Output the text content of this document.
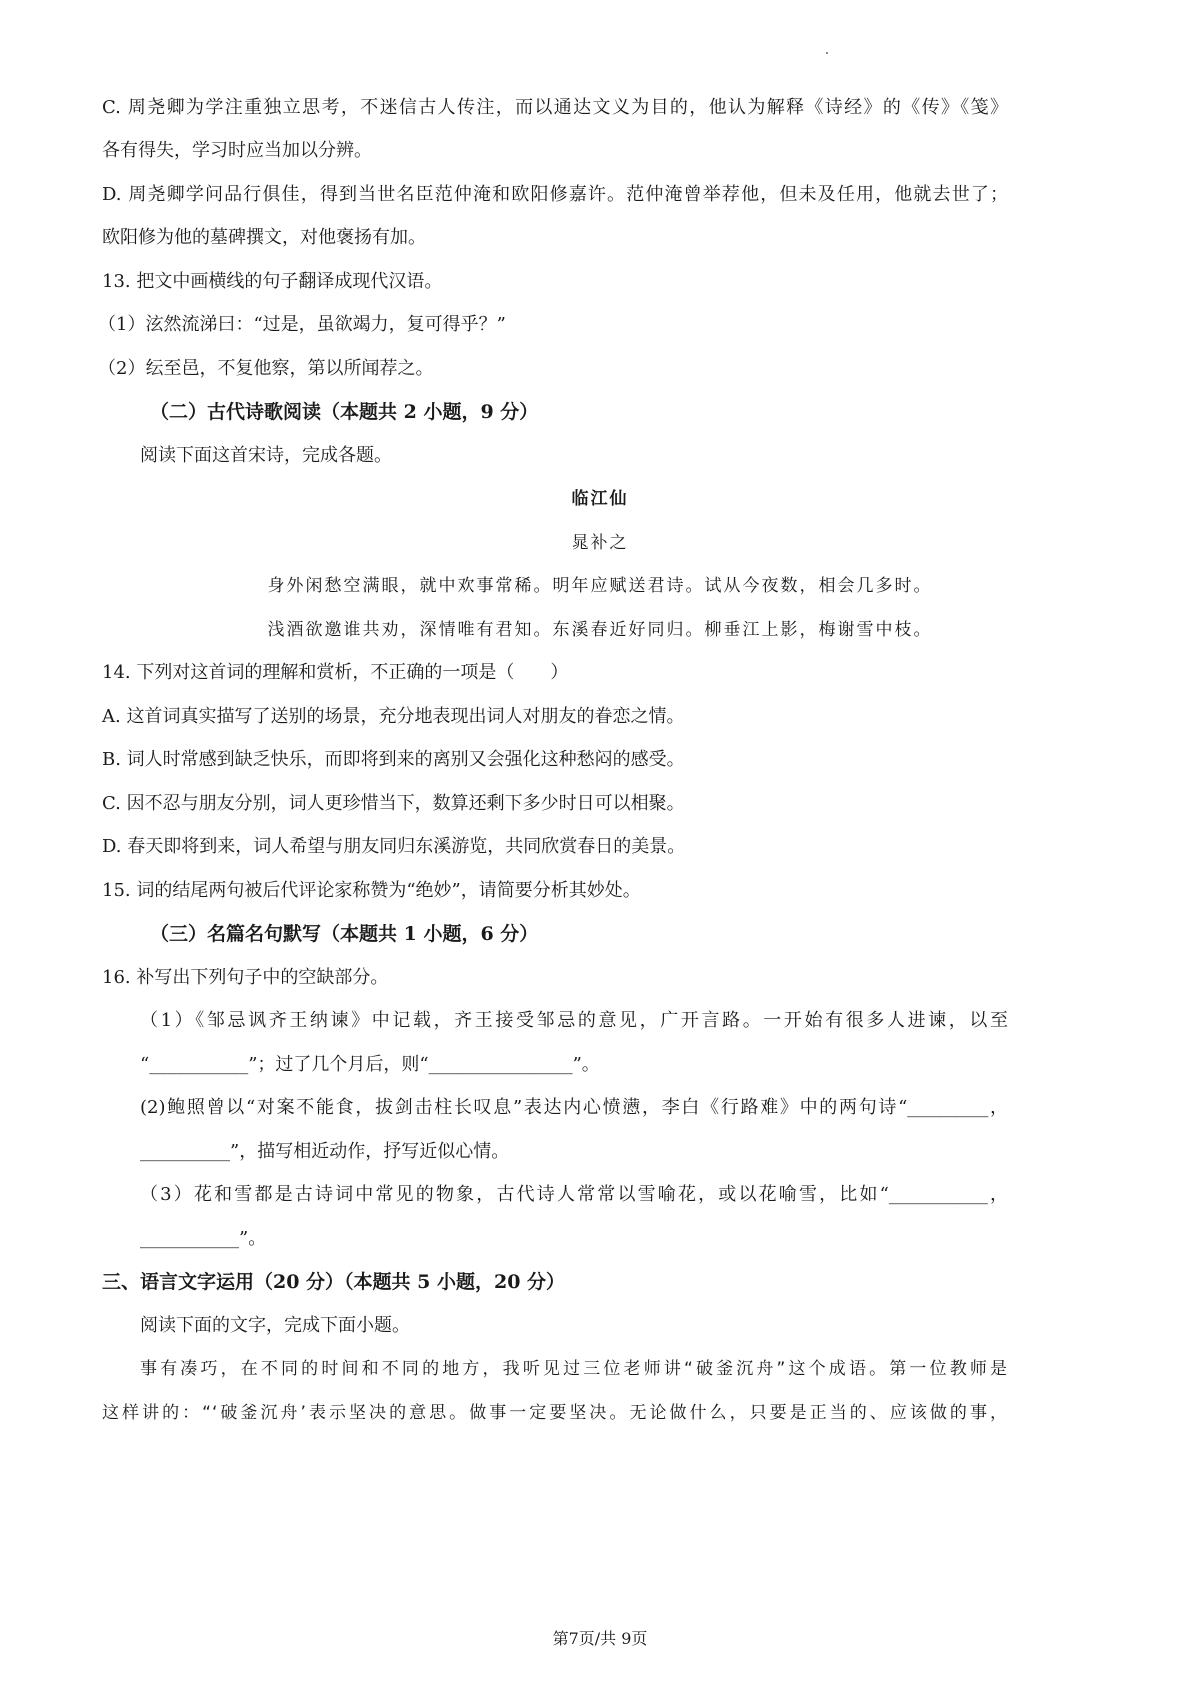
C. 周尧卿为学注重独立思考，不迷信古人传注，而以通达文义为目的，他认为解释《诗经》的《传》《笺》
各有得失，学习时应当加以分辨。
D. 周尧卿学问品行俱佳，得到当世名臣范仲淹和欧阳修嘉许。范仲淹曾举荐他，但未及任用，他就去世了；
欧阳修为他的墓碑撰文，对他褒扬有加。
13. 把文中画横线的句子翻译成现代汉语。
（1）泫然流涕曰：“过是，虽欲竭力，复可得乎？”
（2）纭至邑，不复他察，第以所闻荐之。
（二）古代诗歌阅读（本题共 2 小题，9 分）
阅读下面这首宋诗，完成各题。
临江仙
晁补之
身外闲愁空满眼，就中欢事常稀。明年应赋送君诗。试从今夜数，相会几多时。
浅酒欲邀谁共劝，深情唯有君知。东溪春近好同归。柳垂江上影，梅谢雪中枝。
14. 下列对这首词的理解和赏析，不正确的一项是（　　）
A. 这首词真实描写了送别的场景，充分地表现出词人对朋友的眷恋之情。
B. 词人时常感到缺乏快乐，而即将到来的离别又会强化这种愁闷的感受。
C. 因不忍与朋友分别，词人更珍惜当下，数算还剩下多少时日可以相聚。
D. 春天即将到来，词人希望与朋友同归东溪游览，共同欣赏春日的美景。
15. 词的结尾两句被后代评论家称赞为“绝妙”，请简要分析其妙处。
（三）名篇名句默写（本题共 1 小题，6 分）
16. 补写出下列句子中的空缺部分。
（1）《邹忌讽齐王纳谏》中记载，齐王接受邹忌的意见，广开言路。一开始有很多人进谏，以至
“___________”；过了几个月后，则“________________”。
(2)鲍照曾以“对案不能食，拔剑击柱长叹息”表达内心愤懑，李白《行路难》中的两句诗“_________，
__________”，描写相近动作，抒写近似心情。
（3）花和雪都是古诗词中常见的物象，古代诗人常常以雪喻花，或以花喻雪，比如“___________，
___________”。
三、语言文字运用（20 分）（本题共 5 小题，20 分）
阅读下面的文字，完成下面小题。
事有凑巧，在不同的时间和不同的地方，我听见过三位老师讲“破釜沉舟”这个成语。第一位教师是
这样讲的：“‘破釜沉舟’表示坚决的意思。做事一定要坚决。无论做什么，只要是正当的、应该做的事，
第7页/共 9页
